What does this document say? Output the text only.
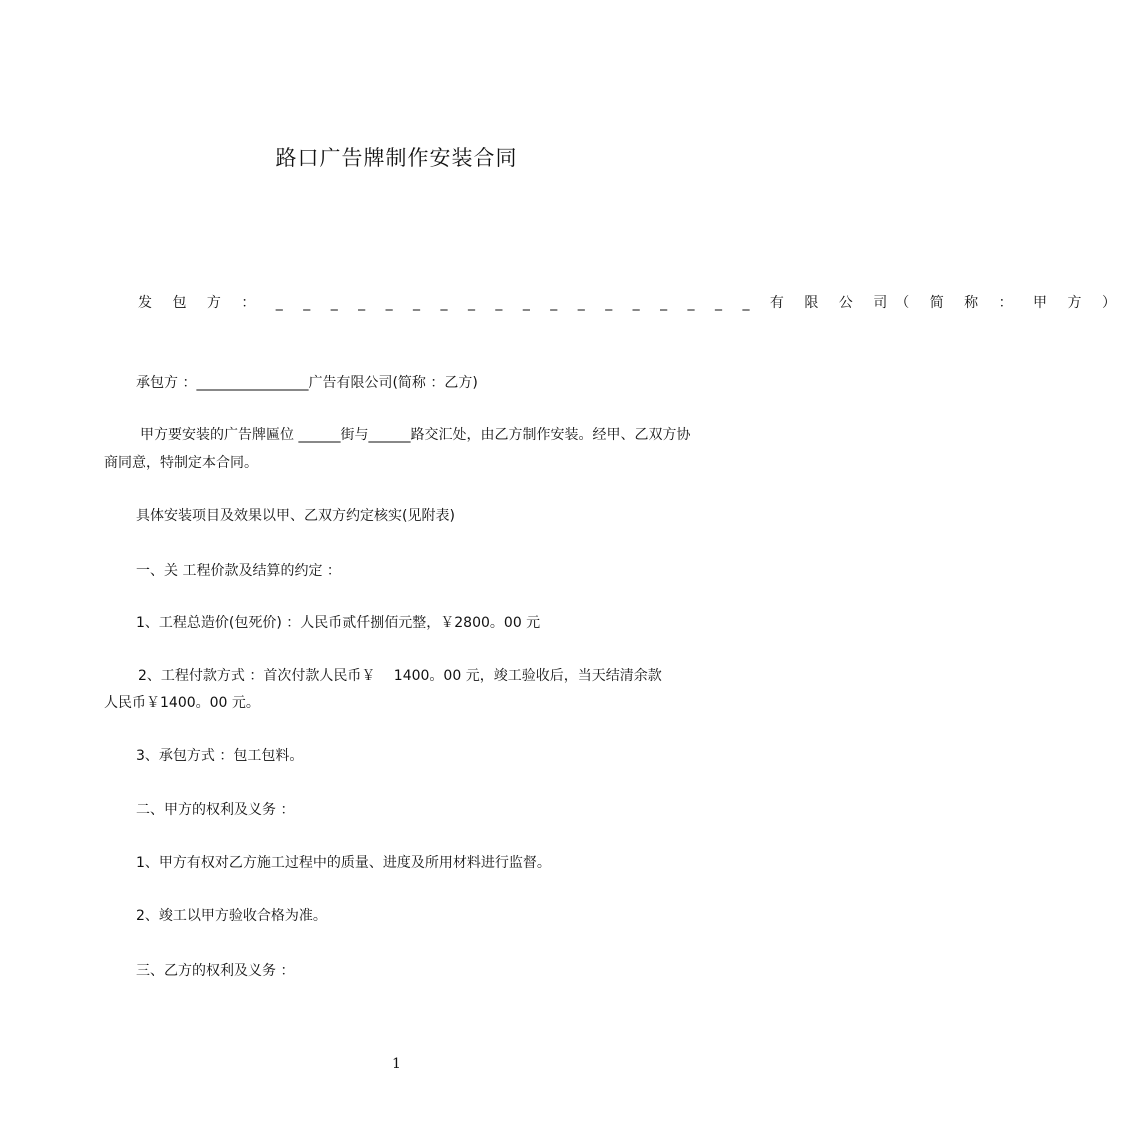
路口广告牌制作安装合同
发 包 方 ： _ _ _ _ _ _ _ _ _ _ _ _ _ _ _ _ _ _ 有 限 公 司（ 简 称 ： 甲 方 ）
承包方 ：________________广告有限公司(简称 ：乙方)
甲方要安装的广告牌匾位 ______街与______路交汇处，由乙方制作安装。经甲、乙双方协商同意，特制定本合同。
具体安装项目及效果以甲、乙双方约定核实(见附表)
一、关 工程价款及结算的约定 ：
1、工程总造价(包死价) ：人民币贰仟捌佰元整，￥2800。00 元
2、工程付款方式 ：首次付款人民币￥　 1400。00 元，竣工验收后，当天结清余款
人民币￥1400。00 元。
3、承包方式 ：包工包料。
二、甲方的权利及义务 ：
1、甲方有权对乙方施工过程中的质量、进度及所用材料进行监督。
2、竣工以甲方验收合格为准。
三、乙方的权利及义务 ：
1
